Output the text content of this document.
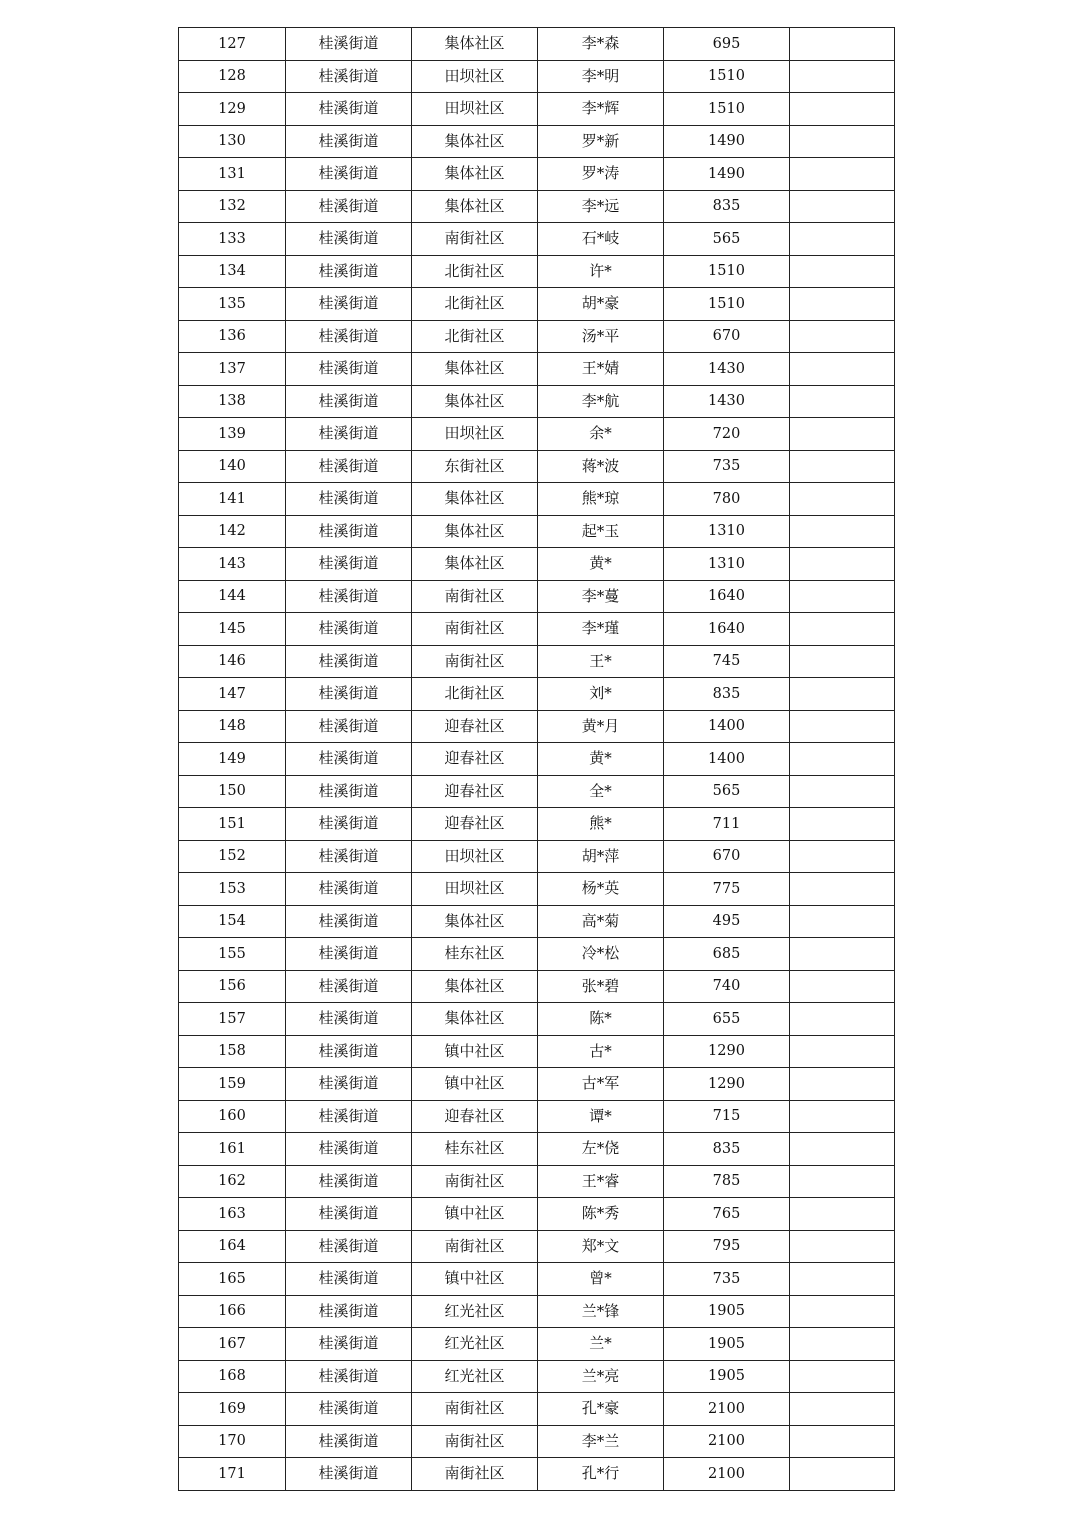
127	桂溪街道	集体社区	李*森	695	
128	桂溪街道	田坝社区	李*明	1510	
129	桂溪街道	田坝社区	李*辉	1510	
130	桂溪街道	集体社区	罗*新	1490	
131	桂溪街道	集体社区	罗*涛	1490	
132	桂溪街道	集体社区	李*远	835	
133	桂溪街道	南街社区	石*岐	565	
134	桂溪街道	北街社区	许*	1510	
135	桂溪街道	北街社区	胡*豪	1510	
136	桂溪街道	北街社区	汤*平	670	
137	桂溪街道	集体社区	王*婧	1430	
138	桂溪街道	集体社区	李*航	1430	
139	桂溪街道	田坝社区	余*	720	
140	桂溪街道	东街社区	蒋*波	735	
141	桂溪街道	集体社区	熊*琼	780	
142	桂溪街道	集体社区	起*玉	1310	
143	桂溪街道	集体社区	黄*	1310	
144	桂溪街道	南街社区	李*蔓	1640	
145	桂溪街道	南街社区	李*瑾	1640	
146	桂溪街道	南街社区	王*	745	
147	桂溪街道	北街社区	刘*	835	
148	桂溪街道	迎春社区	黄*月	1400	
149	桂溪街道	迎春社区	黄*	1400	
150	桂溪街道	迎春社区	全*	565	
151	桂溪街道	迎春社区	熊*	711	
152	桂溪街道	田坝社区	胡*萍	670	
153	桂溪街道	田坝社区	杨*英	775	
154	桂溪街道	集体社区	高*菊	495	
155	桂溪街道	桂东社区	冷*松	685	
156	桂溪街道	集体社区	张*碧	740	
157	桂溪街道	集体社区	陈*	655	
158	桂溪街道	镇中社区	古*	1290	
159	桂溪街道	镇中社区	古*军	1290	
160	桂溪街道	迎春社区	谭*	715	
161	桂溪街道	桂东社区	左*侥	835	
162	桂溪街道	南街社区	王*睿	785	
163	桂溪街道	镇中社区	陈*秀	765	
164	桂溪街道	南街社区	郑*文	795	
165	桂溪街道	镇中社区	曾*	735	
166	桂溪街道	红光社区	兰*锋	1905	
167	桂溪街道	红光社区	兰*	1905	
168	桂溪街道	红光社区	兰*亮	1905	
169	桂溪街道	南街社区	孔*豪	2100	
170	桂溪街道	南街社区	李*兰	2100	
171	桂溪街道	南街社区	孔*行	2100	
